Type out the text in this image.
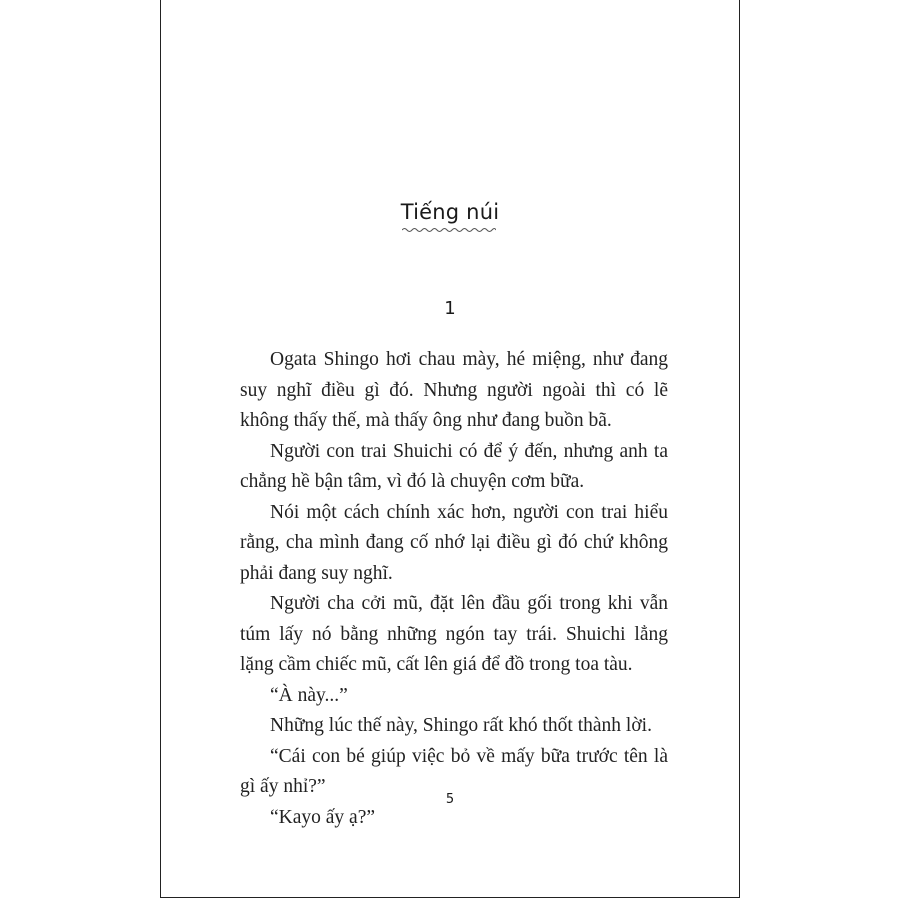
Tiếng núi
1

Ogata Shingo hơi chau mày, hé miệng, như đang suy nghĩ điều gì đó. Nhưng người ngoài thì có lẽ không thấy thế, mà thấy ông như đang buồn bã.

Người con trai Shuichi có để ý đến, nhưng anh ta chẳng hề bận tâm, vì đó là chuyện cơm bữa.

Nói một cách chính xác hơn, người con trai hiểu rằng, cha mình đang cố nhớ lại điều gì đó chứ không phải đang suy nghĩ.

Người cha cởi mũ, đặt lên đầu gối trong khi vẫn túm lấy nó bằng những ngón tay trái. Shuichi lẳng lặng cầm chiếc mũ, cất lên giá để đồ trong toa tàu.

“À này...”

Những lúc thế này, Shingo rất khó thốt thành lời.

“Cái con bé giúp việc bỏ về mấy bữa trước tên là gì ấy nhỉ?”

“Kayo ấy ạ?”

5
